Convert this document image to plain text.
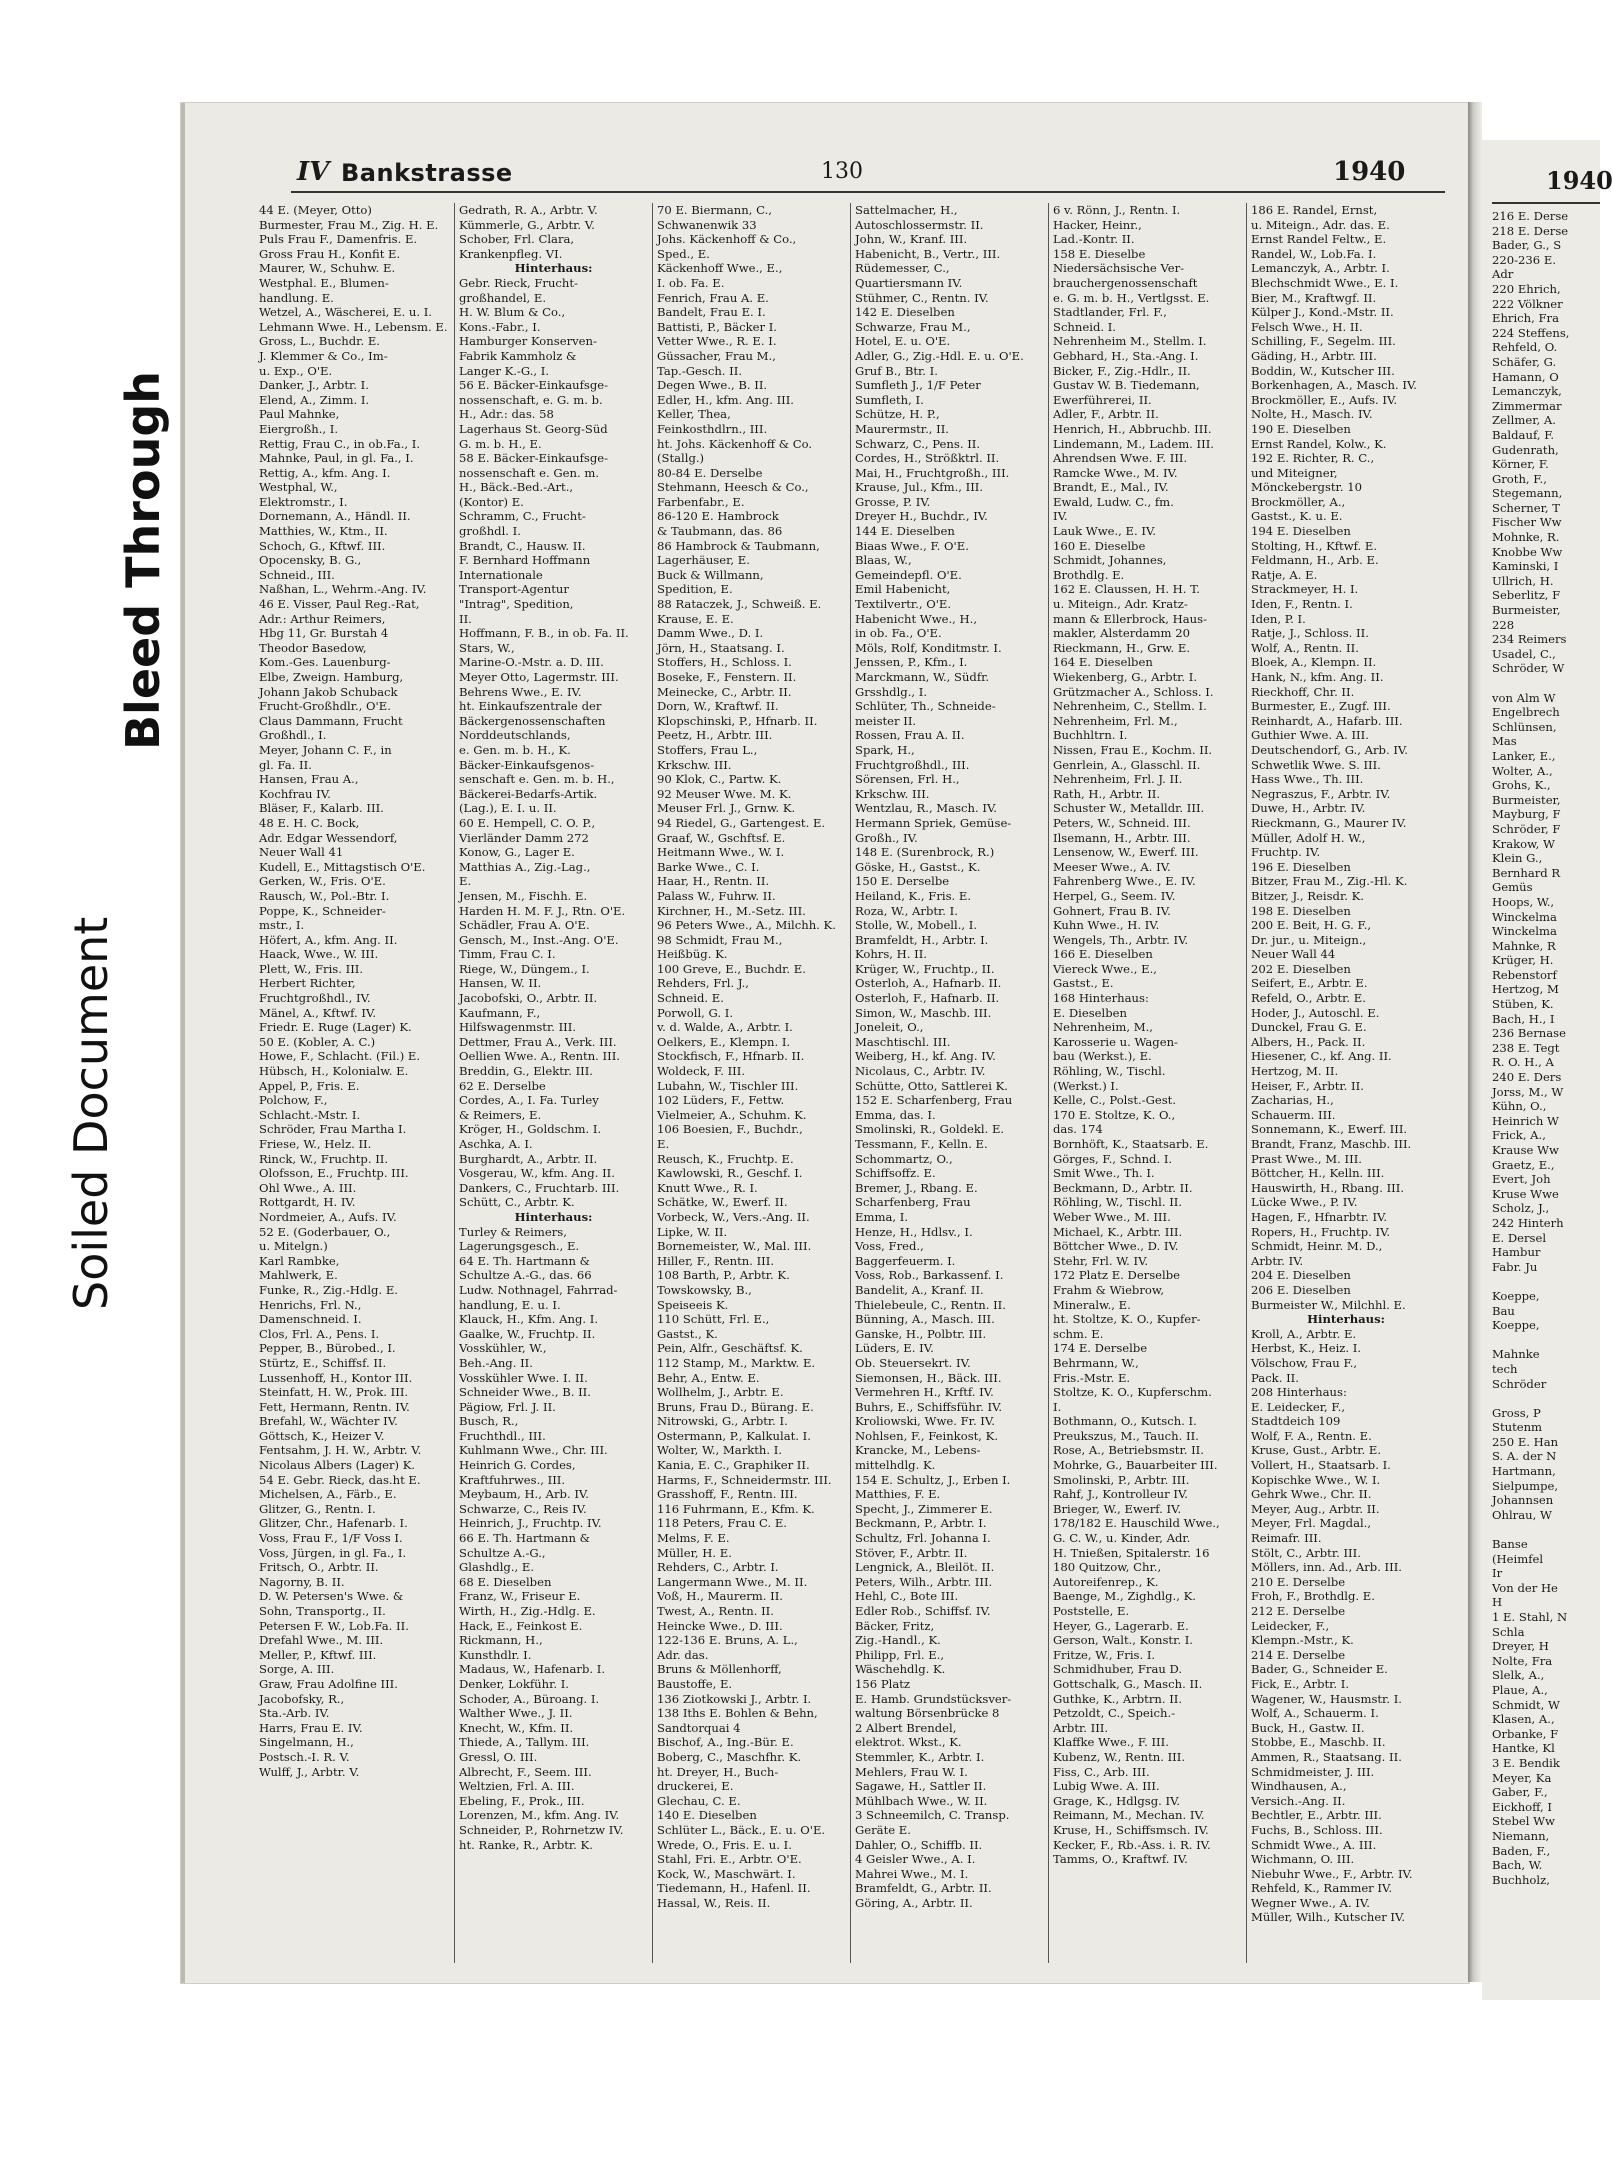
Soiled Document
Bleed Through
IV Bankstrasse	130	1940
44 E. (Meyer, Otto)
Burmester, Frau M., Zig. H. E.
Puls Frau F., Damenfris. E.
Gross Frau H., Konfit E.
Maurer, W., Schuhw. E.
Westphal. E., Blumen-
handlung. E.
Wetzel, A., Wäscherei, E. u. I.
Lehmann Wwe. H., Lebensm. E.
Gross, L., Buchdr. E.
J. Klemmer & Co., Im-
u. Exp., O'E.
Danker, J., Arbtr. I.
Elend, A., Zimm. I.
Paul Mahnke,
Eiergroßh., I.
Rettig, Frau C., in ob.Fa., I.
Mahnke, Paul, in gl. Fa., I.
Rettig, A., kfm. Ang. I.
Westphal, W.,
Elektromstr., I.
Dornemann, A., Händl. II.
Matthies, W., Ktm., II.
Schoch, G., Kftwf. III.
Opocensky, B. G.,
Schneid., III.
Naßhan, L., Wehrm.-Ang. IV.
46 E. Visser, Paul Reg.-Rat,
Adr.: Arthur Reimers,
Hbg 11, Gr. Burstah 4
Theodor Basedow,
Kom.-Ges. Lauenburg-
Elbe, Zweign. Hamburg,
Johann Jakob Schuback
Frucht-Großhdlr., O'E.
Claus Dammann, Frucht
Großhdl., I.
Meyer, Johann C. F., in
gl. Fa. II.
Hansen, Frau A.,
Kochfrau IV.
Bläser, F., Kalarb. III.
48 E. H. C. Bock,
Adr. Edgar Wessendorf,
Neuer Wall 41
Kudell, E., Mittagstisch O'E.
Gerken, W., Fris. O'E.
Rausch, W., Pol.-Btr. I.
Poppe, K., Schneider-
mstr., I.
Höfert, A., kfm. Ang. II.
Haack, Wwe., W. III.
Plett, W., Fris. III.
Herbert Richter,
Fruchtgroßhdl., IV.
Mänel, A., Kftwf. IV.
Friedr. E. Ruge (Lager) K.
50 E. (Kobler, A. C.)
Howe, F., Schlacht. (Fil.) E.
Hübsch, H., Kolonialw. E.
Appel, P., Fris. E.
Polchow, F.,
Schlacht.-Mstr. I.
Schröder, Frau Martha I.
Friese, W., Helz. II.
Rinck, W., Fruchtp. II.
Olofsson, E., Fruchtp. III.
Ohl Wwe., A. III.
Rottgardt, H. IV.
Nordmeier, A., Aufs. IV.
52 E. (Goderbauer, O.,
u. Mitelgn.)
Karl Rambke,
Mahlwerk, E.
Funke, R., Zig.-Hdlg. E.
Henrichs, Frl. N.,
Damenschneid. I.
Clos, Frl. A., Pens. I.
Pepper, B., Bürobed., I.
Stürtz, E., Schiffsf. II.
Lussenhoff, H., Kontor III.
Steinfatt, H. W., Prok. III.
Fett, Hermann, Rentn. IV.
Brefahl, W., Wächter IV.
Göttsch, K., Heizer V.
Fentsahm, J. H. W., Arbtr. V.
Nicolaus Albers (Lager) K.
54 E. Gebr. Rieck, das.ht E.
Michelsen, A., Färb., E.
Glitzer, G., Rentn. I.
Glitzer, Chr., Hafenarb. I.
Voss, Frau F., 1/F Voss I.
Voss, Jürgen, in gl. Fa., I.
Fritsch, O., Arbtr. II.
Nagorny, B. II.
D. W. Petersen's Wwe. &
Sohn, Transportg., II.
Petersen F. W., Lob.Fa. II.
Drefahl Wwe., M. III.
Meller, P., Kftwf. III.
Sorge, A. III.
Graw, Frau Adolfine III.
Jacobofsky, R.,
Sta.-Arb. IV.
Harrs, Frau E. IV.
Singelmann, H.,
Postsch.-I. R. V.
Wulff, J., Arbtr. V.
Gedrath, R. A., Arbtr. V.
Kümmerle, G., Arbtr. V.
Schober, Frl. Clara,
Krankenpfleg. VI.
Hinterhaus:
Gebr. Rieck, Frucht-
großhandel, E.
H. W. Blum & Co.,
Kons.-Fabr., I.
Hamburger Konserven-
Fabrik Kammholz &
Langer K.-G., I.
56 E. Bäcker-Einkaufsge-
nossenschaft, e. G. m. b.
H., Adr.: das. 58
Lagerhaus St. Georg-Süd
G. m. b. H., E.
58 E. Bäcker-Einkaufsge-
nossenschaft e. Gen. m.
H., Bäck.-Bed.-Art.,
(Kontor) E.
Schramm, C., Frucht-
großhdl. I.
Brandt, C., Hausw. II.
F. Bernhard Hoffmann
Internationale
Transport-Agentur
"Intrag", Spedition,
II.
Hoffmann, F. B., in ob. Fa. II.
Stars, W.,
Marine-O.-Mstr. a. D. III.
Meyer Otto, Lagermstr. III.
Behrens Wwe., E. IV.
ht. Einkaufszentrale der
Bäckergenossenschaften
Norddeutschlands,
e. Gen. m. b. H., K.
Bäcker-Einkaufsgenos-
senschaft e. Gen. m. b. H.,
Bäckerei-Bedarfs-Artik.
(Lag.), E. I. u. II.
60 E. Hempell, C. O. P.,
Vierländer Damm 272
Konow, G., Lager E.
Matthias A., Zig.-Lag.,
E.
Jensen, M., Fischh. E.
Harden H. M. F. J., Rtn. O'E.
Schädler, Frau A. O'E.
Gensch, M., Inst.-Ang. O'E.
Timm, Frau C. I.
Riege, W., Düngem., I.
Hansen, W. II.
Jacobofski, O., Arbtr. II.
Kaufmann, F.,
Hilfswagenmstr. III.
Dettmer, Frau A., Verk. III.
Oellien Wwe. A., Rentn. III.
Breddin, G., Elektr. III.
62 E. Derselbe
Cordes, A., I. Fa. Turley
& Reimers, E.
Kröger, H., Goldschm. I.
Aschka, A. I.
Burghardt, A., Arbtr. II.
Vosgerau, W., kfm. Ang. II.
Dankers, C., Fruchtarb. III.
Schütt, C., Arbtr. K.
Hinterhaus:
Turley & Reimers,
Lagerungsgesch., E.
64 E. Th. Hartmann &
Schultze A.-G., das. 66
Ludw. Nothnagel, Fahrrad-
handlung, E. u. I.
Klauck, H., Kfm. Ang. I.
Gaalke, W., Fruchtp. II.
Vosskühler, W.,
Beh.-Ang. II.
Vosskühler Wwe. I. II.
Schneider Wwe., B. II.
Pägiow, Frl. J. II.
Busch, R.,
Fruchthdl., III.
Kuhlmann Wwe., Chr. III.
Heinrich G. Cordes,
Kraftfuhrwes., III.
Meybaum, H., Arb. IV.
Schwarze, C., Reis IV.
Heinrich, J., Fruchtp. IV.
66 E. Th. Hartmann &
Schultze A.-G.,
Glashdlg., E.
68 E. Dieselben
Franz, W., Friseur E.
Wirth, H., Zig.-Hdlg. E.
Hack, E., Feinkost E.
Rickmann, H.,
Kunsthdlr. I.
Madaus, W., Hafenarb. I.
Denker, Lokführ. I.
Schoder, A., Büroang. I.
Walther Wwe., J. II.
Knecht, W., Kfm. II.
Thiede, A., Tallym. III.
Gressl, O. III.
Albrecht, F., Seem. III.
Weltzien, Frl. A. III.
Ebeling, F., Prok., III.
Lorenzen, M., kfm. Ang. IV.
Schneider, P., Rohrnetzw IV.
ht. Ranke, R., Arbtr. K.
70 E. Biermann, C.,
Schwanenwik 33
Johs. Käckenhoff & Co.,
Sped., E.
Käckenhoff Wwe., E.,
I. ob. Fa. E.
Fenrich, Frau A. E.
Bandelt, Frau E. I.
Battisti, P., Bäcker I.
Vetter Wwe., R. E. I.
Güssacher, Frau M.,
Tap.-Gesch. II.
Degen Wwe., B. II.
Edler, H., kfm. Ang. III.
Keller, Thea,
Feinkosthdlrn., III.
ht. Johs. Käckenhoff & Co.
(Stallg.)
80-84 E. Derselbe
Stehmann, Heesch & Co.,
Farbenfabr., E.
86-120 E. Hambrock
& Taubmann, das. 86
86 Hambrock & Taubmann,
Lagerhäuser, E.
Buck & Willmann,
Spedition, E.
88 Rataczek, J., Schweiß. E.
Krause, E. E.
Damm Wwe., D. I.
Jörn, H., Staatsang. I.
Stoffers, H., Schloss. I.
Boseke, F., Fenstern. II.
Meinecke, C., Arbtr. II.
Dorn, W., Kraftwf. II.
Klopschinski, P., Hfnarb. II.
Peetz, H., Arbtr. III.
Stoffers, Frau L.,
Krkschw. III.
90 Klok, C., Partw. K.
92 Meuser Wwe. M. K.
Meuser Frl. J., Grnw. K.
94 Riedel, G., Gartengest. E.
Graaf, W., Gschftsf. E.
Heitmann Wwe., W. I.
Barke Wwe., C. I.
Haar, H., Rentn. II.
Palass W., Fuhrw. II.
Kirchner, H., M.-Setz. III.
96 Peters Wwe., A., Milchh. K.
98 Schmidt, Frau M.,
Heißbüg. K.
100 Greve, E., Buchdr. E.
Rehders, Frl. J.,
Schneid. E.
Porwoll, G. I.
v. d. Walde, A., Arbtr. I.
Oelkers, E., Klempn. I.
Stockfisch, F., Hfnarb. II.
Woldeck, F. III.
Lubahn, W., Tischler III.
102 Lüders, F., Fettw.
Vielmeier, A., Schuhm. K.
106 Boesien, F., Buchdr.,
E.
Reusch, K., Fruchtp. E.
Kawlowski, R., Geschf. I.
Knutt Wwe., R. I.
Schätke, W., Ewerf. II.
Vorbeck, W., Vers.-Ang. II.
Lipke, W. II.
Bornemeister, W., Mal. III.
Hiller, F., Rentn. III.
108 Barth, P., Arbtr. K.
Towskowsky, B.,
Speiseeis K.
110 Schütt, Frl. E.,
Gastst., K.
Pein, Alfr., Geschäftsf. K.
112 Stamp, M., Marktw. E.
Behr, A., Entw. E.
Wollhelm, J., Arbtr. E.
Bruns, Frau D., Bürang. E.
Nitrowski, G., Arbtr. I.
Ostermann, P., Kalkulat. I.
Wolter, W., Markth. I.
Kania, E. C., Graphiker II.
Harms, F., Schneidermstr. III.
Grasshoff, F., Rentn. III.
116 Fuhrmann, E., Kfm. K.
118 Peters, Frau C. E.
Melms, F. E.
Müller, H. E.
Rehders, C., Arbtr. I.
Langermann Wwe., M. II.
Voß, H., Maurerm. II.
Twest, A., Rentn. II.
Heincke Wwe., D. III.
122-136 E. Bruns, A. L.,
Adr. das.
Bruns & Möllenhorff,
Baustoffe, E.
136 Ziotkowski J., Arbtr. I.
138 Iths E. Bohlen & Behn,
Sandtorquai 4
Bischof, A., Ing.-Bür. E.
Boberg, C., Maschfhr. K.
ht. Dreyer, H., Buch-
druckerei, E.
Glechau, C. E.
140 E. Dieselben
Schlüter L., Bäck., E. u. O'E.
Wrede, O., Fris. E. u. I.
Stahl, Fri. E., Arbtr. O'E.
Kock, W., Maschwärt. I.
Tiedemann, H., Hafenl. II.
Hassal, W., Reis. II.
Sattelmacher, H.,
Autoschlossermstr. II.
John, W., Kranf. III.
Habenicht, B., Vertr., III.
Rüdemesser, C.,
Quartiersmann IV.
Stühmer, C., Rentn. IV.
142 E. Dieselben
Schwarze, Frau M.,
Hotel, E. u. O'E.
Adler, G., Zig.-Hdl. E. u. O'E.
Gruf B., Btr. I.
Sumfleth J., 1/F Peter
Sumfleth, I.
Schütze, H. P.,
Maurermstr., II.
Schwarz, C., Pens. II.
Cordes, H., Strößktrl. II.
Mai, H., Fruchtgroßh., III.
Krause, Jul., Kfm., III.
Grosse, P. IV.
Dreyer H., Buchdr., IV.
144 E. Dieselben
Biaas Wwe., F. O'E.
Blaas, W.,
Gemeindepfl. O'E.
Emil Habenicht,
Textilvertr., O'E.
Habenicht Wwe., H.,
in ob. Fa., O'E.
Möls, Rolf, Konditmstr. I.
Jenssen, P., Kfm., I.
Marckmann, W., Südfr.
Grsshdlg., I.
Schlüter, Th., Schneide-
meister II.
Rossen, Frau A. II.
Spark, H.,
Fruchtgroßhdl., III.
Sörensen, Frl. H.,
Krkschw. III.
Wentzlau, R., Masch. IV.
Hermann Spriek, Gemüse-
Großh., IV.
148 E. (Surenbrock, R.)
Göske, H., Gastst., K.
150 E. Derselbe
Heiland, K., Fris. E.
Roza, W., Arbtr. I.
Stolle, W., Mobell., I.
Bramfeldt, H., Arbtr. I.
Kohrs, H. II.
Krüger, W., Fruchtp., II.
Osterloh, A., Hafnarb. II.
Osterloh, F., Hafnarb. II.
Simon, W., Maschb. III.
Joneleit, O.,
Maschtischl. III.
Weiberg, H., kf. Ang. IV.
Nicolaus, C., Arbtr. IV.
Schütte, Otto, Sattlerei K.
152 E. Scharfenberg, Frau
Emma, das. I.
Smolinski, R., Goldekl. E.
Tessmann, F., Kelln. E.
Schommartz, O.,
Schiffsoffz. E.
Bremer, J., Rbang. E.
Scharfenberg, Frau
Emma, I.
Henze, H., Hdlsv., I.
Voss, Fred.,
Baggerfeuerm. I.
Voss, Rob., Barkassenf. I.
Bandelit, A., Kranf. II.
Thielebeule, C., Rentn. II.
Bünning, A., Masch. III.
Ganske, H., Polbtr. III.
Lüders, E. IV.
Ob. Steuersekrt. IV.
Siemonsen, H., Bäck. III.
Vermehren H., Krftf. IV.
Buhrs, E., Schiffsführ. IV.
Kroliowski, Wwe. Fr. IV.
Nohlsen, F., Feinkost, K.
Krancke, M., Lebens-
mittelhdlg. K.
154 E. Schultz, J., Erben I.
Matthies, F. E.
Specht, J., Zimmerer E.
Beckmann, P., Arbtr. I.
Schultz, Frl. Johanna I.
Stöver, F., Arbtr. II.
Lengnick, A., Bleilöt. II.
Peters, Wilh., Arbtr. III.
Hehl, C., Bote III.
Edler Rob., Schiffsf. IV.
Bäcker, Fritz,
Zig.-Handl., K.
Philipp, Frl. E.,
Wäschehdlg. K.
156 Platz
E. Hamb. Grundstücksver-
waltung Börsenbrücke 8
2 Albert Brendel,
elektrot. Wkst., K.
Stemmler, K., Arbtr. I.
Mehlers, Frau W. I.
Sagawe, H., Sattler II.
Mühlbach Wwe., W. II.
3 Schneemilch, C. Transp.
Geräte E.
Dahler, O., Schiffb. II.
4 Geisler Wwe., A. I.
Mahrei Wwe., M. I.
Bramfeldt, G., Arbtr. II.
Göring, A., Arbtr. II.
6 v. Rönn, J., Rentn. I.
Hacker, Heinr.,
Lad.-Kontr. II.
158 E. Dieselbe
Niedersächsische Ver-
brauchergenossenschaft
e. G. m. b. H., Vertlgsst. E.
Stadtlander, Frl. F.,
Schneid. I.
Nehrenheim M., Stellm. I.
Gebhard, H., Sta.-Ang. I.
Bicker, F., Zig.-Hdlr., II.
Gustav W. B. Tiedemann,
Ewerführerei, II.
Adler, F., Arbtr. II.
Henrich, H., Abbruchb. III.
Lindemann, M., Ladem. III.
Ahrendsen Wwe. F. III.
Ramcke Wwe., M. IV.
Brandt, E., Mal., IV.
Ewald, Ludw. C., fm.
IV.
Lauk Wwe., E. IV.
160 E. Dieselbe
Schmidt, Johannes,
Brothdlg. E.
162 E. Claussen, H. H. T.
u. Miteign., Adr. Kratz-
mann & Ellerbrock, Haus-
makler, Alsterdamm 20
Rieckmann, H., Grw. E.
164 E. Dieselben
Wiekenberg, G., Arbtr. I.
Grützmacher A., Schloss. I.
Nehrenheim, C., Stellm. I.
Nehrenheim, Frl. M.,
Buchhltrn. I.
Nissen, Frau E., Kochm. II.
Genrlein, A., Glasschl. II.
Nehrenheim, Frl. J. II.
Rath, H., Arbtr. II.
Schuster W., Metalldr. III.
Peters, W., Schneid. III.
Ilsemann, H., Arbtr. III.
Lensenow, W., Ewerf. III.
Meeser Wwe., A. IV.
Fahrenberg Wwe., E. IV.
Herpel, G., Seem. IV.
Gohnert, Frau B. IV.
Kuhn Wwe., H. IV.
Wengels, Th., Arbtr. IV.
166 E. Dieselben
Viereck Wwe., E.,
Gastst., E.
168 Hinterhaus:
E. Dieselben
Nehrenheim, M.,
Karosserie u. Wagen-
bau (Werkst.), E.
Röhling, W., Tischl.
(Werkst.) I.
Kelle, C., Polst.-Gest.
170 E. Stoltze, K. O.,
das. 174
Bornhöft, K., Staatsarb. E.
Görges, F., Schnd. I.
Smit Wwe., Th. I.
Beckmann, D., Arbtr. II.
Röhling, W., Tischl. II.
Weber Wwe., M. III.
Michael, K., Arbtr. III.
Böttcher Wwe., D. IV.
Stehr, Frl. W. IV.
172 Platz E. Derselbe
Frahm & Wiebrow,
Mineralw., E.
ht. Stoltze, K. O., Kupfer-
schm. E.
174 E. Derselbe
Behrmann, W.,
Fris.-Mstr. E.
Stoltze, K. O., Kupferschm.
I.
Bothmann, O., Kutsch. I.
Preukszus, M., Tauch. II.
Rose, A., Betriebsmstr. II.
Mohrke, G., Bauarbeiter III.
Smolinski, P., Arbtr. III.
Rahf, J., Kontrolleur IV.
Brieger, W., Ewerf. IV.
178/182 E. Hauschild Wwe.,
G. C. W., u. Kinder, Adr.
H. Tnießen, Spitalerstr. 16
180 Quitzow, Chr.,
Autoreifenrep., K.
Baenge, M., Zighdlg., K.
Poststelle, E.
Heyer, G., Lagerarb. E.
Gerson, Walt., Konstr. I.
Fritze, W., Fris. I.
Schmidhuber, Frau D.
Gottschalk, G., Masch. II.
Guthke, K., Arbtrn. II.
Petzoldt, C., Speich.-
Arbtr. III.
Klaffke Wwe., F. III.
Kubenz, W., Rentn. III.
Fiss, C., Arb. III.
Lubig Wwe. A. III.
Grage, K., Hdlgsg. IV.
Reimann, M., Mechan. IV.
Kruse, H., Schiffsmsch. IV.
Kecker, F., Rb.-Ass. i. R. IV.
Tamms, O., Kraftwf. IV.
186 E. Randel, Ernst,
u. Miteign., Adr. das. E.
Ernst Randel Feltw., E.
Randel, W., Lob.Fa. I.
Lemanczyk, A., Arbtr. I.
Blechschmidt Wwe., E. I.
Bier, M., Kraftwgf. II.
Külper J., Kond.-Mstr. II.
Felsch Wwe., H. II.
Schilling, F., Segelm. III.
Gäding, H., Arbtr. III.
Boddin, W., Kutscher III.
Borkenhagen, A., Masch. IV.
Brockmöller, E., Aufs. IV.
Nolte, H., Masch. IV.
190 E. Dieselben
Ernst Randel, Kolw., K.
192 E. Richter, R. C.,
und Miteigner,
Mönckebergstr. 10
Brockmöller, A.,
Gastst., K. u. E.
194 E. Dieselben
Stolting, H., Kftwf. E.
Feldmann, H., Arb. E.
Ratje, A. E.
Strackmeyer, H. I.
Iden, F., Rentn. I.
Iden, P. I.
Ratje, J., Schloss. II.
Wolf, A., Rentn. II.
Bloek, A., Klempn. II.
Hank, N., kfm. Ang. II.
Rieckhoff, Chr. II.
Burmester, E., Zugf. III.
Reinhardt, A., Hafarb. III.
Guthier Wwe. A. III.
Deutschendorf, G., Arb. IV.
Schwetlik Wwe. S. III.
Hass Wwe., Th. III.
Negraszus, F., Arbtr. IV.
Duwe, H., Arbtr. IV.
Rieckmann, G., Maurer IV.
Müller, Adolf H. W.,
Fruchtp. IV.
196 E. Dieselben
Bitzer, Frau M., Zig.-Hl. K.
Bitzer, J., Reisdr. K.
198 E. Dieselben
200 E. Beit, H. G. F.,
Dr. jur., u. Miteign.,
Neuer Wall 44
202 E. Dieselben
Seifert, E., Arbtr. E.
Refeld, O., Arbtr. E.
Hoder, J., Autoschl. E.
Dunckel, Frau G. E.
Albers, H., Pack. II.
Hiesener, C., kf. Ang. II.
Hertzog, M. II.
Heiser, F., Arbtr. II.
Zacharias, H.,
Schauerm. III.
Sonnemann, K., Ewerf. III.
Brandt, Franz, Maschb. III.
Prast Wwe., M. III.
Böttcher, H., Kelln. III.
Hauswirth, H., Rbang. III.
Lücke Wwe., P. IV.
Hagen, F., Hfnarbtr. IV.
Ropers, H., Fruchtp. IV.
Schmidt, Heinr. M. D.,
Arbtr. IV.
204 E. Dieselben
206 E. Dieselben
Burmeister W., Milchhl. E.
Hinterhaus:
Kroll, A., Arbtr. E.
Herbst, K., Heiz. I.
Völschow, Frau F.,
Pack. II.
208 Hinterhaus:
E. Leidecker, F.,
Stadtdeich 109
Wolf, F. A., Rentn. E.
Kruse, Gust., Arbtr. E.
Vollert, H., Staatsarb. I.
Kopischke Wwe., W. I.
Gehrk Wwe., Chr. II.
Meyer, Aug., Arbtr. II.
Meyer, Frl. Magdal.,
Reimafr. III.
Stölt, C., Arbtr. III.
Möllers, inn. Ad., Arb. III.
210 E. Derselbe
Froh, F., Brothdlg. E.
212 E. Derselbe
Leidecker, F.,
Klempn.-Mstr., K.
214 E. Derselbe
Bader, G., Schneider E.
Fick, E., Arbtr. I.
Wagener, W., Hausmstr. I.
Wolf, A., Schauerm. I.
Buck, H., Gastw. II.
Stobbe, E., Maschb. II.
Ammen, R., Staatsang. II.
Schmidmeister, J. III.
Windhausen, A.,
Versich.-Ang. II.
Bechtler, E., Arbtr. III.
Fuchs, B., Schloss. III.
Schmidt Wwe., A. III.
Wichmann, O. III.
Niebuhr Wwe., F., Arbtr. IV.
Rehfeld, K., Rammer IV.
Wegner Wwe., A. IV.
Müller, Wilh., Kutscher IV.
1940
216 E. Derse
218 E. Derse
Bader, G., S
220-236 E.
Adr
220 Ehrich,
222 Völkner
Ehrich, Fra
224 Steffens,
Rehfeld, O.
Schäfer, G.
Hamann, O
Lemanczyk,
Zimmermar
Zellmer, A.
Baldauf, F.
Gudenrath,
Körner, F.
Groth, F.,
Stegemann,
Scherner, T
Fischer Ww
Mohnke, R.
Knobbe Ww
Kaminski, I
Ullrich, H.
Seberlitz, F
Burmeister,
228
234 Reimers
Usadel, C.,
Schröder, W

von Alm W
Engelbrech
Schlünsen,
Mas
Lanker, E.,
Wolter, A.,
Grohs, K.,
Burmeister,
Mayburg, F
Schröder, F
Krakow, W
Klein G.,
Bernhard R
Gemüs
Hoops, W.,
Winckelma
Winckelma
Mahnke, R
Krüger, H.
Rebenstorf
Hertzog, M
Stüben, K.
Bach, H., I
236 Bernase
238 E. Tegt
R. O. H., A
240 E. Ders
Jorss, M., W
Kühn, O.,
Heinrich W
Frick, A.,
Krause Ww
Graetz, E.,
Evert, Joh
Kruse Wwe
Scholz, J.,
242 Hinterh
E. Dersel
Hambur
Fabr. Ju

Koeppe,
Bau
Koeppe,

Mahnke
tech
Schröder

Gross, P
Stutenm
250 E. Han
S. A. der N
Hartmann,
Sielpumpe,
Johannsen
Ohlrau, W

Banse
(Heimfel
Ir
Von der He
H
1 E. Stahl, N
Schla
Dreyer, H
Nolte, Fra
Slelk, A.,
Plaue, A.,
Schmidt, W
Klasen, A.,
Orbanke, F
Hantke, Kl
3 E. Bendik
Meyer, Ka
Gaber, F.,
Eickhoff, I
Stebel Ww
Niemann,
Baden, F.,
Bach, W.
Buchholz,
